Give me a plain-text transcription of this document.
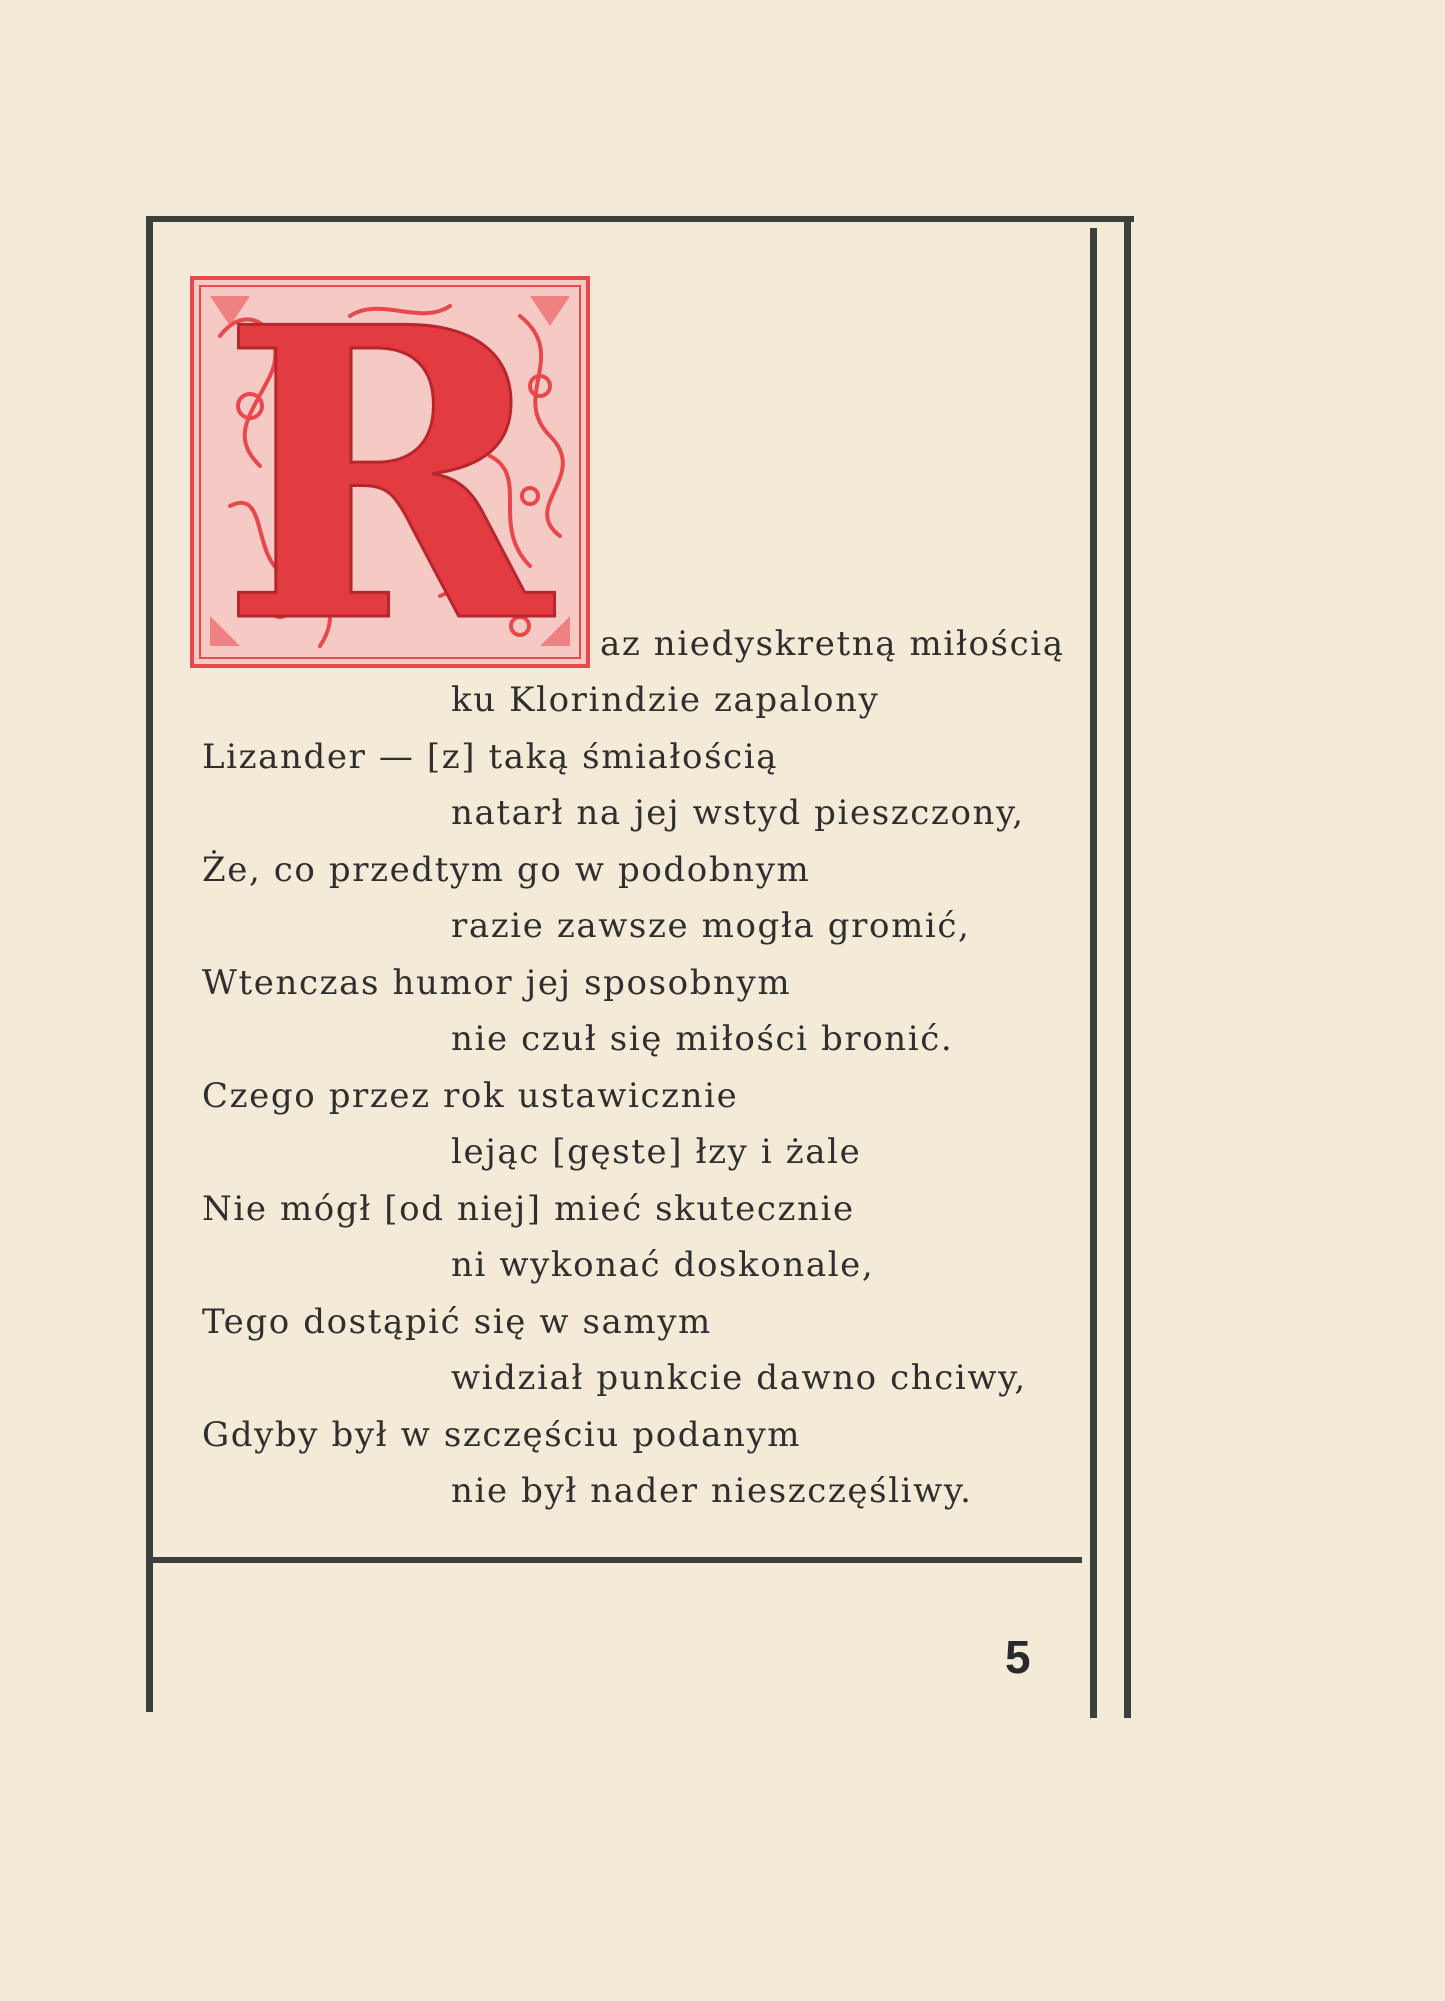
R az niedyskretną miłością
ku Klorindzie zapalony
Lizander — [z] taką śmiałością
natarł na jej wstyd pieszczony,
Że, co przedtym go w podobnym
razie zawsze mogła gromić,
Wtenczas humor jej sposobnym
nie czuł się miłości bronić.
Czego przez rok ustawicznie
lejąc [gęste] łzy i żale
Nie mógł [od niej] mieć skutecznie
ni wykonać doskonale,
Tego dostąpić się w samym
widział punkcie dawno chciwy,
Gdyby był w szczęściu podanym
nie był nader nieszczęśliwy.
5
